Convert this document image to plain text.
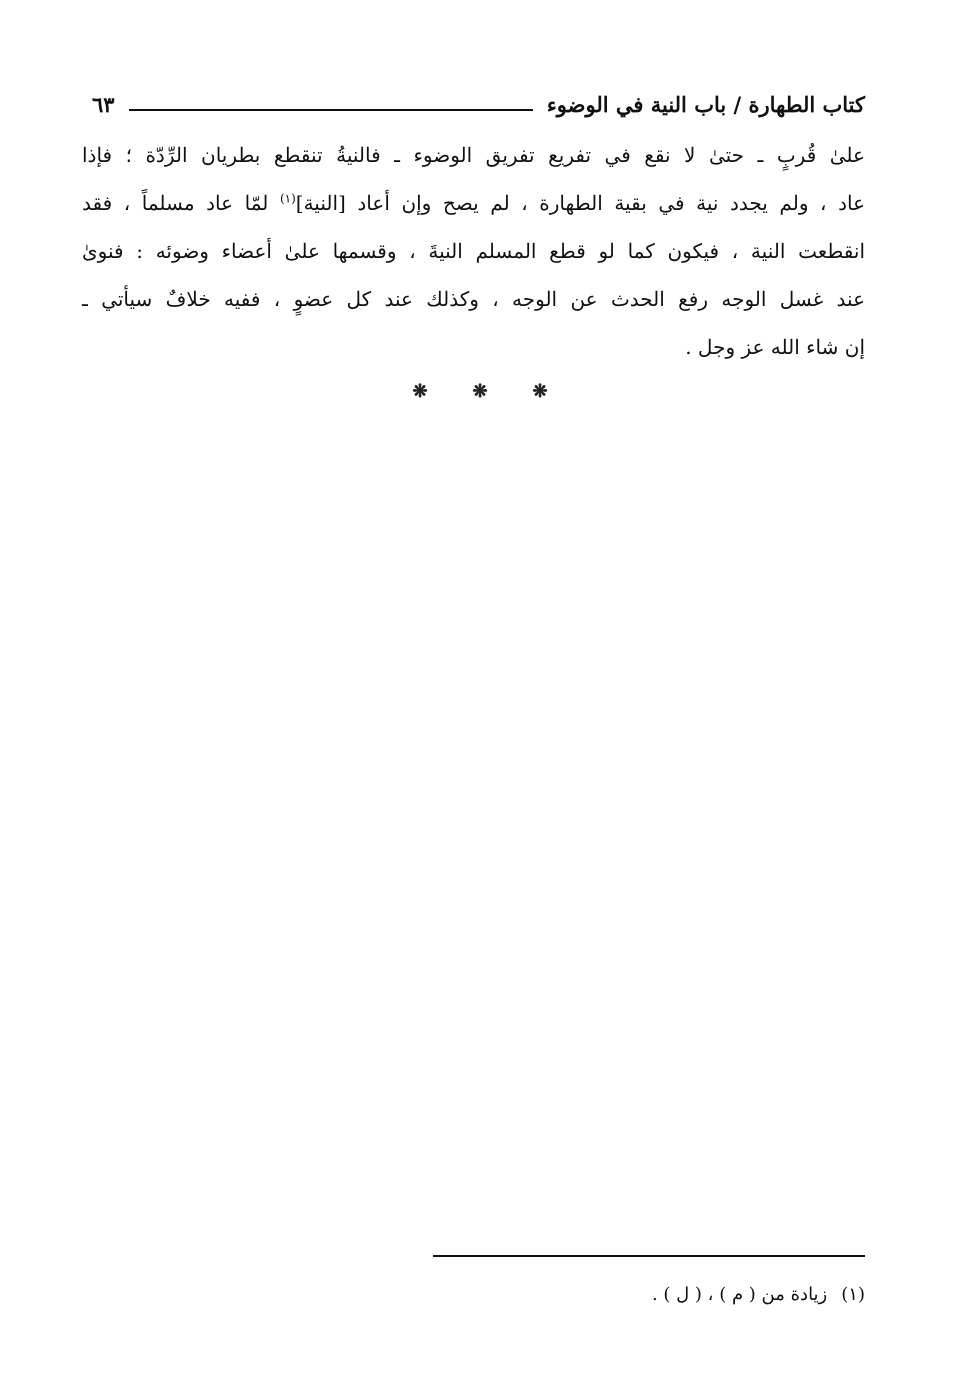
كتاب الطهارة / باب النية في الوضوء
٦٣
علىٰ قُربٍ ـ حتىٰ لا نقع في تفريع تفريق الوضوء ـ فالنيةُ تنقطع بطريان الرِّدّة ؛ فإذا
عاد ، ولم يجدد نية في بقية الطهارة ، لم يصح وإن أعاد [النية]$^{(١)}$ لمّا عاد مسلماً ، فقد
انقطعت النية ، فيكون كما لو قطع المسلم النيةَ ، وقسمها علىٰ أعضاء وضوئه : فنوىٰ
عند غسل الوجه رفع الحدث عن الوجه ، وكذلك عند كل عضوٍ ، ففيه خلافٌ سيأتي ـ
إن شاء الله عز وجل .
❋	❋	❋
(١)زيادة من ( م ) ، ( ل ) .
